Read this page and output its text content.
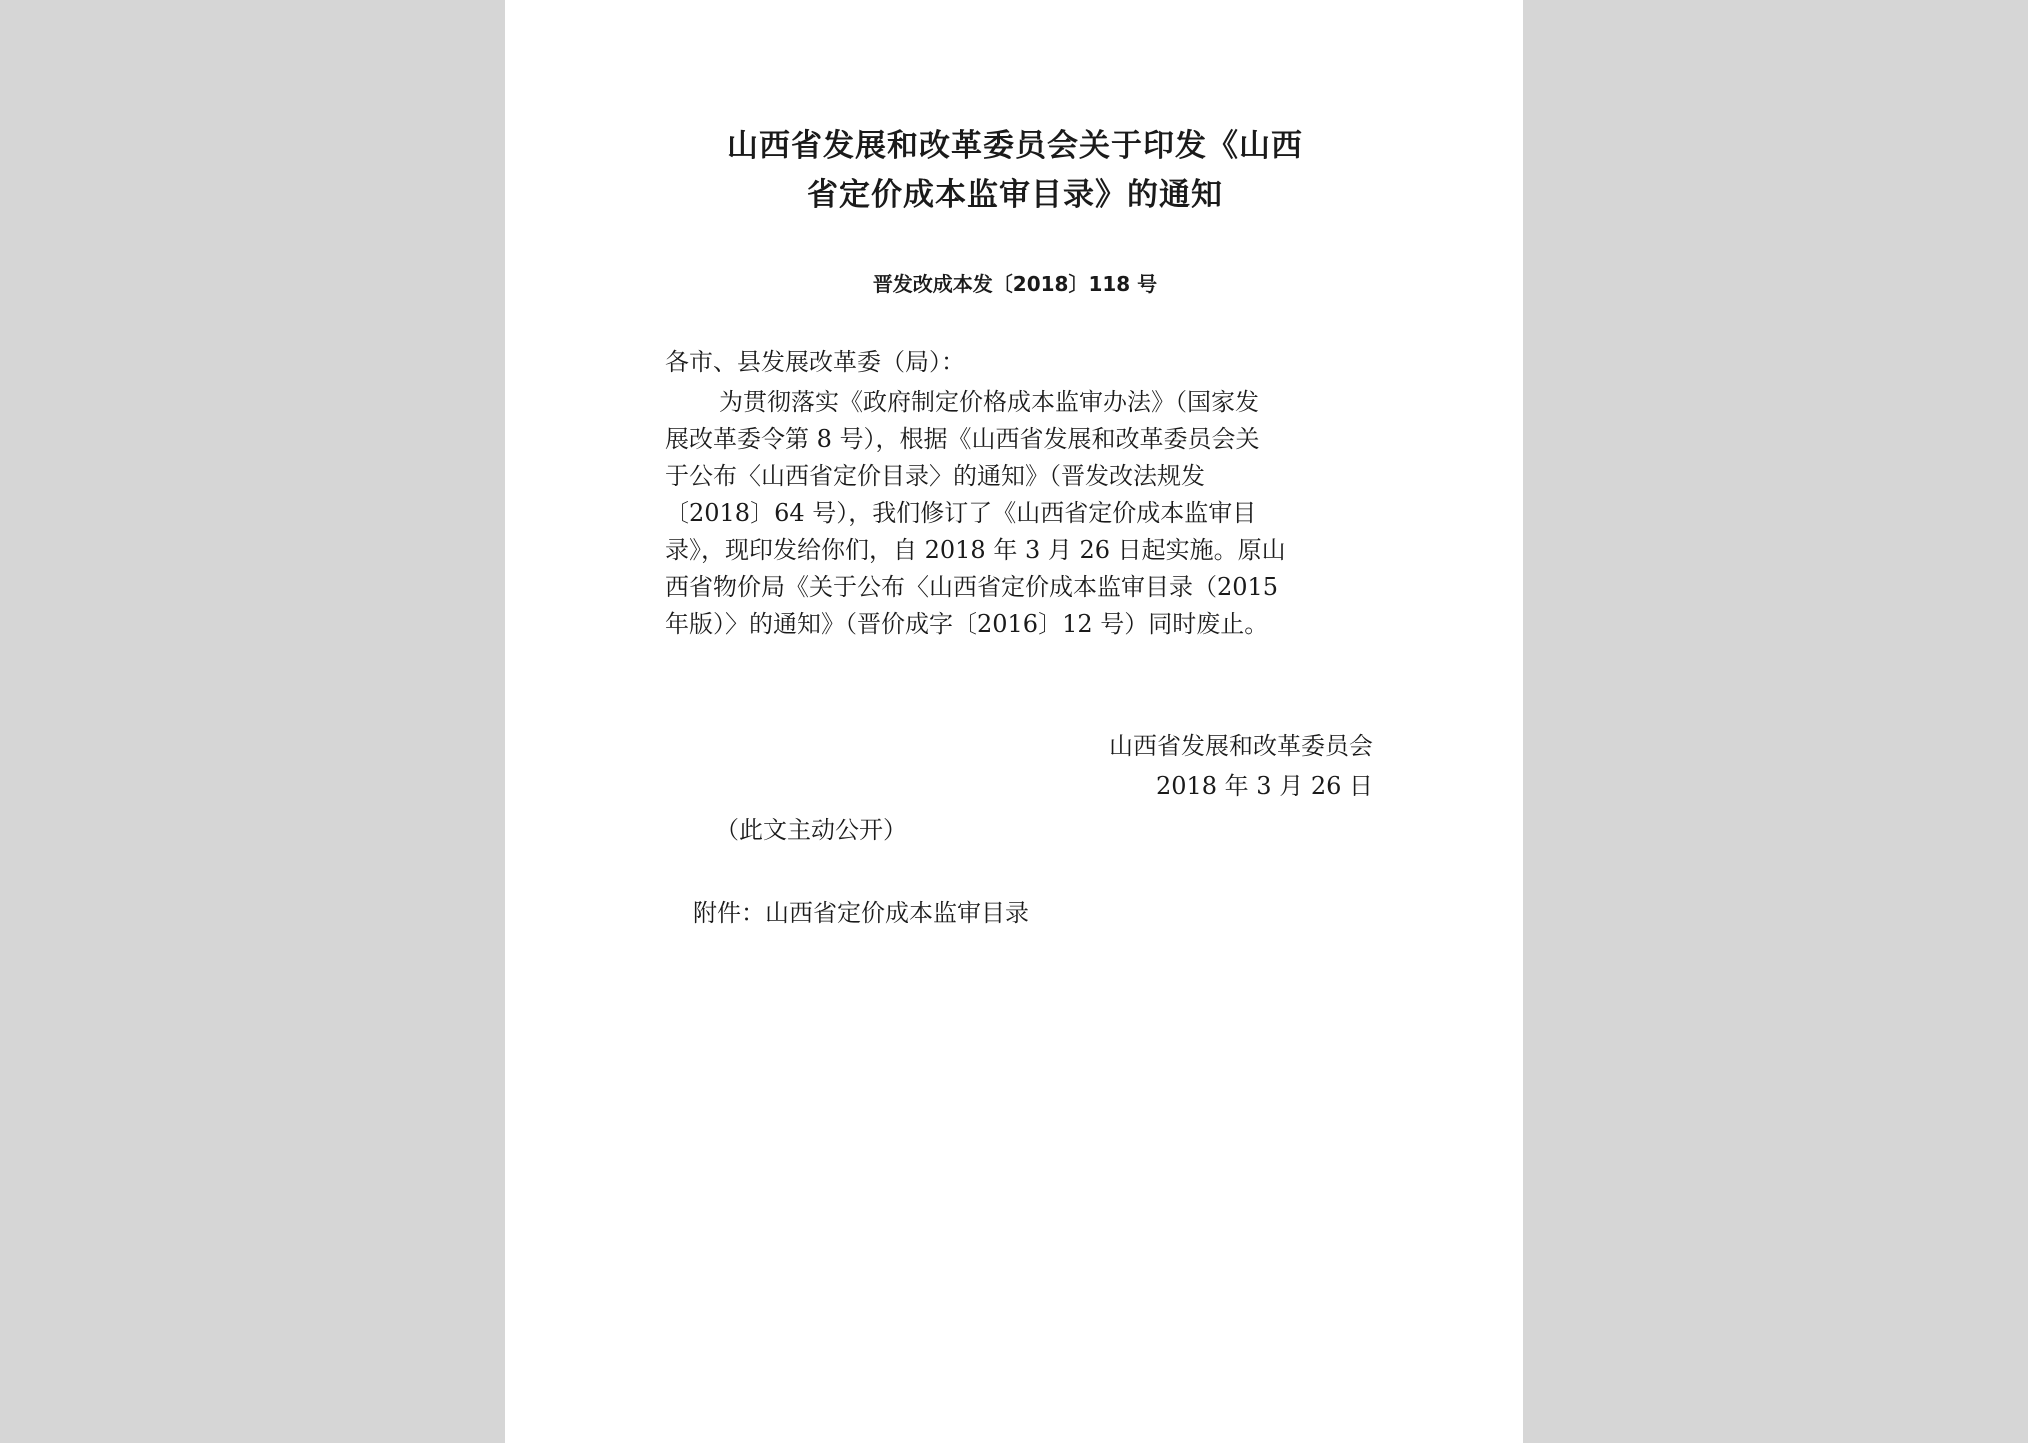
山西省发展和改革委员会关于印发《山西
省定价成本监审目录》的通知
晋发改成本发〔2018〕118 号
各市、县发展改革委（局）：
为贯彻落实《政府制定价格成本监审办法》（国家发
展改革委令第 8 号），根据《山西省发展和改革委员会关
于公布〈山西省定价目录〉的通知》（晋发改法规发
〔2018〕64 号），我们修订了《山西省定价成本监审目
录》，现印发给你们，自 2018 年 3 月 26 日起实施。原山
西省物价局《关于公布〈山西省定价成本监审目录（2015
年版）〉的通知》（晋价成字〔2016〕12 号）同时废止。
山西省发展和改革委员会
2018 年 3 月 26 日
（此文主动公开）
附件：山西省定价成本监审目录
